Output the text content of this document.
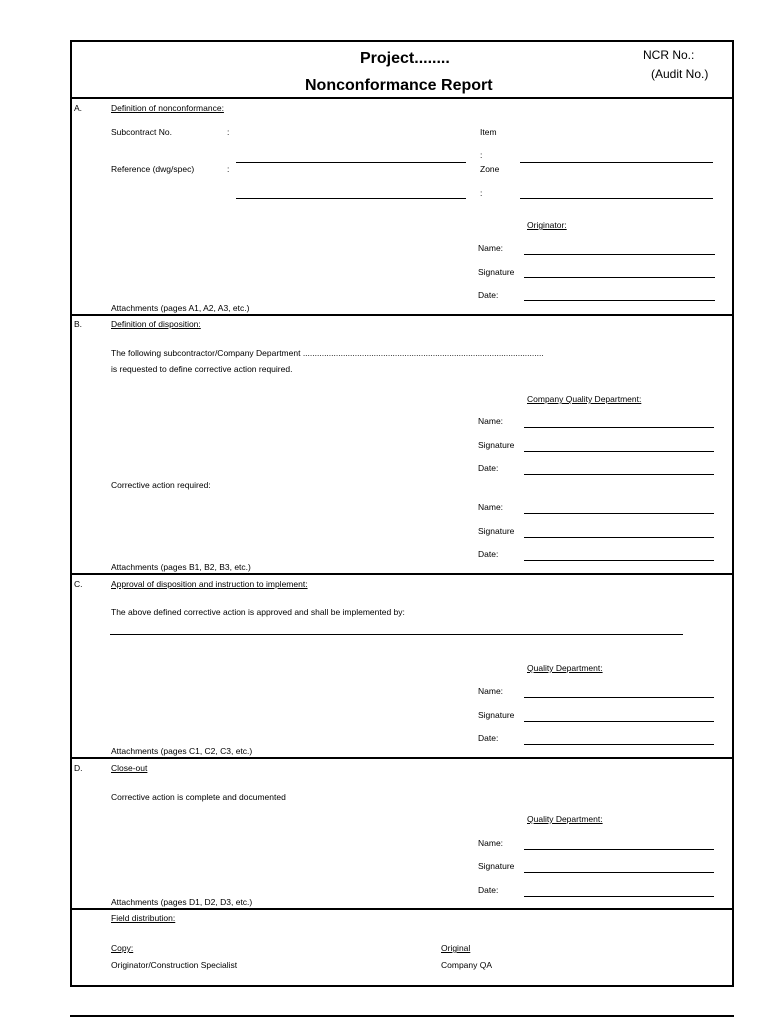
Project........
Nonconformance Report
NCR No.:
(Audit No.)
A.	Definition of nonconformance:
Subcontract No.	:	Item
:
Reference (dwg/spec)	:	Zone
:
Originator:
Name:
Signature
Date:
Attachments (pages A1, A2, A3, etc.)
B.	Definition of disposition:
The following subcontractor/Company Department ......................................................................................................
is requested to define corrective action required.
Company Quality Department:
Name:
Signature
Date:
Corrective action required:
Name:
Signature
Date:
Attachments (pages B1, B2, B3, etc.)
C.	Approval of disposition and instruction to implement:
The above defined corrective action is approved and shall be implemented by:
Quality Department:
Name:
Signature
Date:
Attachments (pages C1, C2, C3, etc.)
D.	Close-out
Corrective action is complete and documented
Quality Department:
Name:
Signature
Date:
Attachments (pages D1, D2, D3, etc.)
Field distribution:
Copy:
Originator/Construction Specialist
Original
Company QA
